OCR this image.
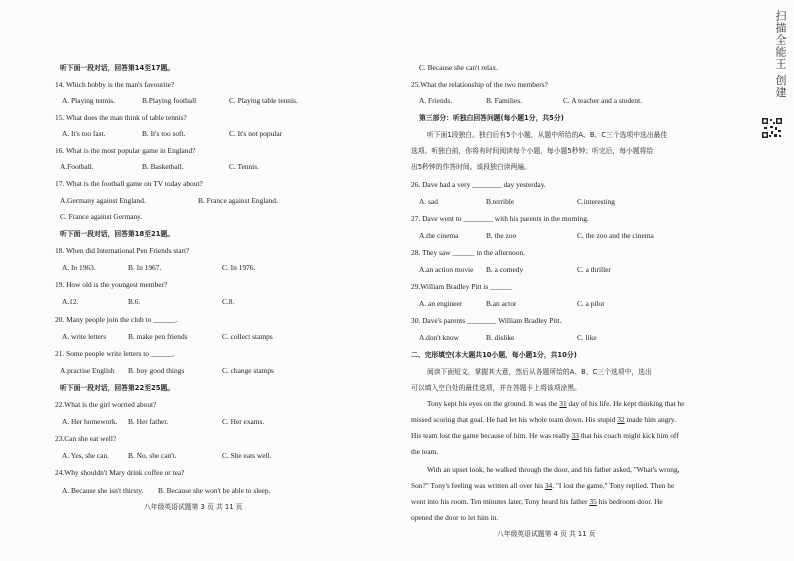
听下面一段对话，回答第14至17题。
14. Which hobby is the man's favourite?
A. Playing tennis.	B.Playing football	C. Playing table tennis.
15. What does the man think of table tennis?
A. It's too fast.	B. It's too soft.	C. It's not popular
16. What is the most popular game in England?
A.Football.	B. Basketball.	C. Tennis.
17. What is the football game on TV today about?
A.Germany against England.	B. France against England.
C. France against Germany.
听下面一段对话，回答第18至21题。
18. When did International Pen Friends start?
A. In 1963.	B. In 1967.	C. In 1976.
19. How old is the youngest member?
A.12.	B.6.	C.8.
20. Many people join the club to ______.
A. write letters	B. make pen friends	C. collect stamps
21. Some people write letters to ______.
A.practise English B. buy good things	C. change stamps
听下面一段对话，回答第22至25题。
22.What is the girl worried about?
A. Her homework. B. Her father.	C. Her exams.
23.Can she eat well?
A. Yes, she can.	B. No, she can't.	C. She eats well.
24.Why shouldn't Mary drink coffee or tea?
A. Because she isn't thirsty. B. Because she won't be able to sleep.
八年级英语试题第 3 页 共 11 页
C. Because she can't relax.
25.What the relationship of the two members?
A. Friends.	B. Families.	C. A teacher and a student.
第三部分：听独白回答问题(每小题1分，共5分)
听下面1段独白。独白后有5个小题，从题中所给的A、B、C三个选项中选出最佳
选项。听独白前，你将有时间阅读每个小题，每小题5秒钟；听完后，每小题将给
出5秒钟的作答时间。该段独白读两遍。
26. Dave had a very ________ day yesterday.
A. sad	B.terrible	C.interesting
27. Dave went to ________ with his parents in the morning.
A.the cinema	B. the zoo	C. the zoo and the cinema
28. They saw ______ in the afternoon.
A.an action movie B. a comedy	C. a thriller
29.William Bradley Pitt is ______
A. an engineer	B.an actor	C. a pilot
30. Dave's parents ________ William Bradley Pitt.
A.don't know	B. dislike	C. like
二、完形填空(本大题共10小题，每小题1分，共10分)
阅读下面短文，掌握其大意，然后从各题所给的A、B、C三个选项中，选出
可以填入空白处的最佳选项，并在答题卡上将该项涂黑。
Tony kept his eyes on the ground. It was the 31 day of his life. He kept thinking that he
missed scoring that goal. He had let his whole team down. His stupid 32 made him angry.
His team lost the game because of him. He was really 33 that his coach might kick him off
the team.
With an upset look, he walked through the door, and his father asked, "What's wrong,
Son?" Tony's feeling was written all over his 34. "I lost the game," Tony replied. Then he
went into his room. Ten minutes later, Tony heard his father 35 his bedroom door. He
opened the door to let him in.
八年级英语试题第 4 页 共 11 页
扫描全能王 创建
